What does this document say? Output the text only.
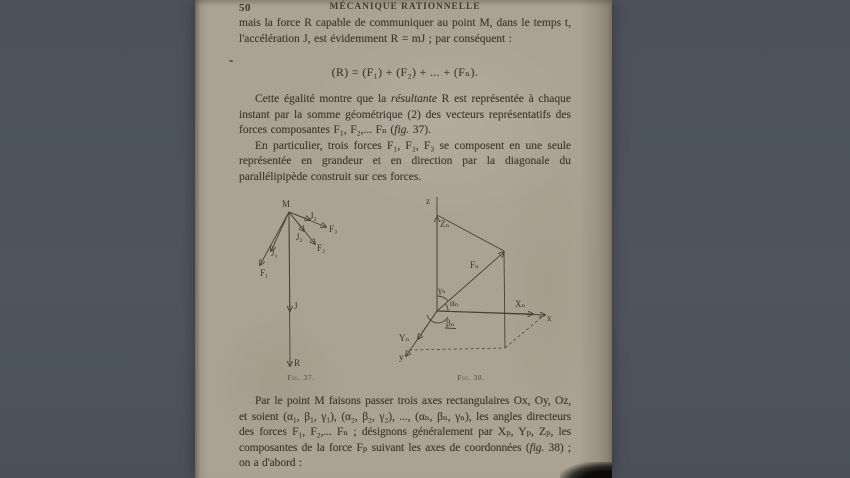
50	MÉCANIQUE RATIONNELLE

mais la force R capable de communiquer au point M, dans le temps t, l'accélération J, est évidemment R = mJ ; par conséquent :

(R) = (F₁) + (F₂) + ... + (Fₙ).

Cette égalité montre que la résultante R est représentée à chaque instant par la somme géométrique (2) des vecteurs représentatifs des forces composantes F₁, F₂,... Fₙ (fig. 37).

En particulier, trois forces F₁, F₂, F₃ se composent en une seule représentée en grandeur et en direction par la diagonale du parallélipipède construit sur ces forces.

M
J₁
F₁
J₂
F₂
J₃
F₃
J
R
Fig. 37.
z
Zₙ
Fₙ
Xₙ
x
Yₙ
y
γₙ
αₙ
βₙ
Fig. 38.

Par le point M faisons passer trois axes rectangulaires Ox, Oy, Oz, et soient (α₁, β₁, γ₁), (α₂, β₂, γ₂), ..., (αₙ, βₙ, γₙ), les angles directeurs des forces F₁, F₂,... Fₙ ; désignons généralement par Xₚ, Yₚ, Zₚ, les composantes de la force Fₚ suivant les axes de coordonnées (fig. 38) ; on a d'abord :
